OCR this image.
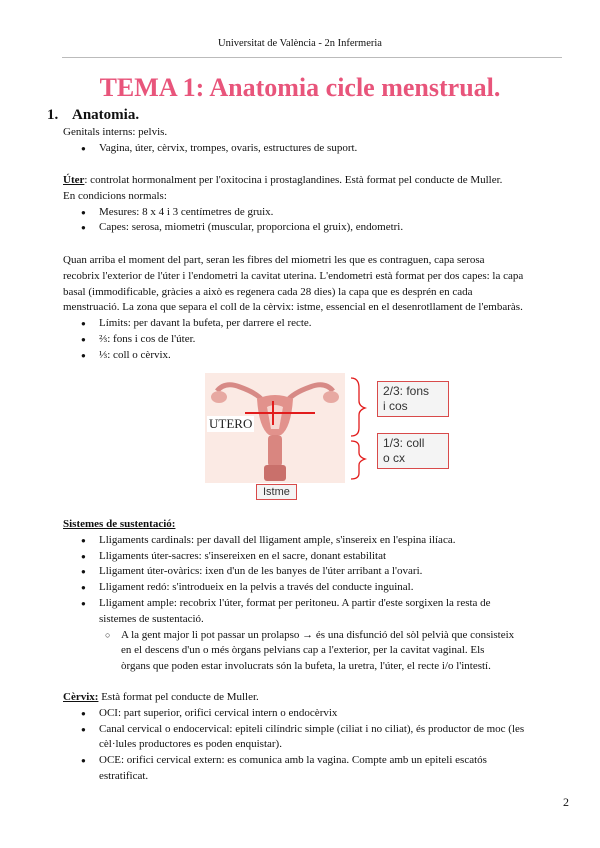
Universitat de València - 2n Infermeria
TEMA 1: Anatomia cicle menstrual.
1. Anatomia.

Genitals interns: pelvis.

● Vagina, úter, cèrvix, trompes, ovaris, estructures de suport.

Úter: controlat hormonalment per l'oxitocina i prostaglandines. Està format pel conducte de Muller.

En condicions normals:

● Mesures: 8 x 4 i 3 centímetres de gruix.
● Capes: serosa, miometri (muscular, proporciona el gruix), endometri.

Quan arriba el moment del part, seran les fibres del miometri les que es contraguen, capa serosa

recobrix l'exterior de l'úter i l'endometri la cavitat uterina. L'endometri està format per dos capes: la capa

basal (immodificable, gràcies a això es regenera cada 28 dies) la capa que es desprén en cada

menstruació. La zona que separa el coll de la cèrvix: istme, essencial en el desenrotllament de l'embaràs.

● Límits: per davant la bufeta, per darrere el recte.
● ⅔: fons i cos de l'úter.
● ⅓: coll o cèrvix.
UTERO
2/3: fons
i cos
1/3: coll
o cx
Istme

Sistemes de sustentació:

● Lligaments cardinals: per davall del lligament ample, s'insereix en l'espina ilíaca.
● Lligaments úter-sacres: s'insereixen en el sacre, donant estabilitat
● Lligament úter-ovàrics: ixen d'un de les banyes de l'úter arribant a l'ovari.
● Lligament redó: s'introdueix en la pelvis a través del conducte inguinal.
● Lligament ample: recobrix l'úter, format per peritoneu. A partir d'este sorgixen la resta de
sistemes de sustentació.
○ A la gent major li pot passar un prolapso → és una disfunció del sòl pelvià que consisteix
en el descens d'un o més òrgans pelvians cap a l'exterior, per la cavitat vaginal. Els
òrgans que poden estar involucrats són la bufeta, la uretra, l'úter, el recte i/o l'intestí.

Cèrvix: Està format pel conducte de Muller.

● OCI: part superior, orifici cervical intern o endocèrvix
● Canal cervical o endocervical: epiteli cilíndric simple (ciliat i no ciliat), és productor de moc (les
cèl·lules productores es poden enquistar).
● OCE: orifici cervical extern: es comunica amb la vagina. Compte amb un epiteli escatós
estratificat.
2
